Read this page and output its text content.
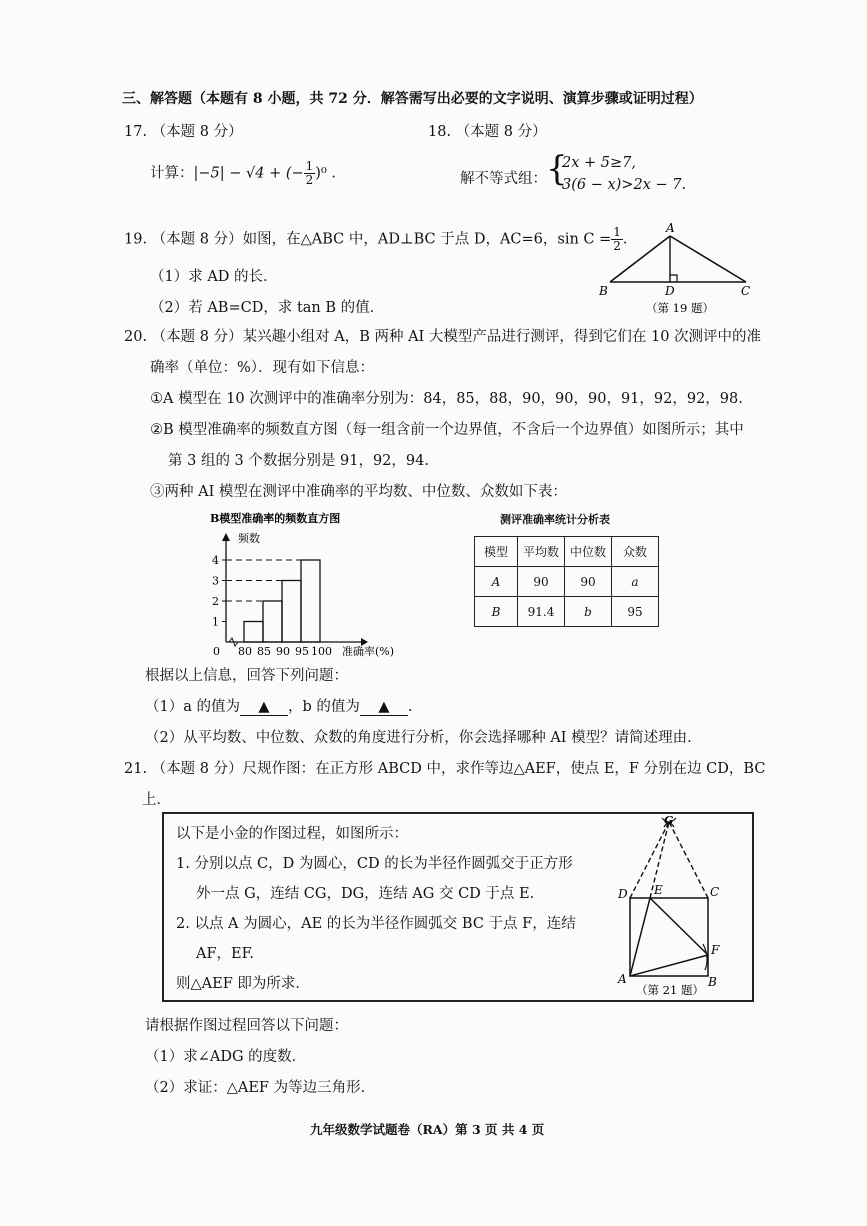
三、解答题（本题有 8 小题，共 72 分．解答需写出必要的文字说明、演算步骤或证明过程）
17. （本题 8 分）
计算：|−5| − √4 + (− $\frac{1}{2} )^0$ .
18. （本题 8 分）
解不等式组： {
2x + 5≥7,
3(6 − x)>2x − 7.
19. （本题 8 分）如图，在△ABC 中，AD⊥BC 于点 D，AC=6，$\sin C = \frac{1}{2}$ .
（1）求 AD 的长．
（2）若 AB=CD，求 tan B 的值．
A
B	C
D
（第 19 题）
20. （本题 8 分）某兴趣小组对 A，B 两种 AI 大模型产品进行测评，得到它们在 10 次测评中的准
确率（单位：%）．现有如下信息：
①A 模型在 10 次测评中的准确率分别为：84，85，88，90，90，90，91，92，92，98.
②B 模型准确率的频数直方图（每一组含前一个边界值，不含后一个边界值）如图所示；其中
第 3 组的 3 个数据分别是 91，92，94.
③两种 AI 模型在测评中准确率的平均数、中位数、众数如下表：
B模型准确率的频数直方图
频数
准确率(%)
0
1
2
3
4
80 85 90 95 100
测评准确率统计分析表
模型	平均数	中位数	众数
A	90	90	a
B	91.4	b	95
根据以上信息，回答下列问题：
（1）a 的值为 ▲ ，b 的值为 ▲ .
（2）从平均数、中位数、众数的角度进行分析，你会选择哪种 AI 模型？请简述理由．
21. （本题 8 分）尺规作图：在正方形 ABCD 中，求作等边△AEF，使点 E，F 分别在边 CD，BC
上．
以下是小金的作图过程，如图所示：
1. 分别以点 C，D 为圆心，CD 的长为半径作圆弧交于正方形
外一点 G，连结 CG，DG，连结 AG 交 CD 于点 E.
2. 以点 A 为圆心，AE 的长为半径作圆弧交 BC 于点 F，连结
AF，EF.
则△AEF 即为所求．
G
D E	C
F
A	B
（第 21 题）
请根据作图过程回答以下问题：
（1）求∠ADG 的度数．
（2）求证：△AEF 为等边三角形．
九年级数学试题卷（RA）第 3 页 共 4 页
